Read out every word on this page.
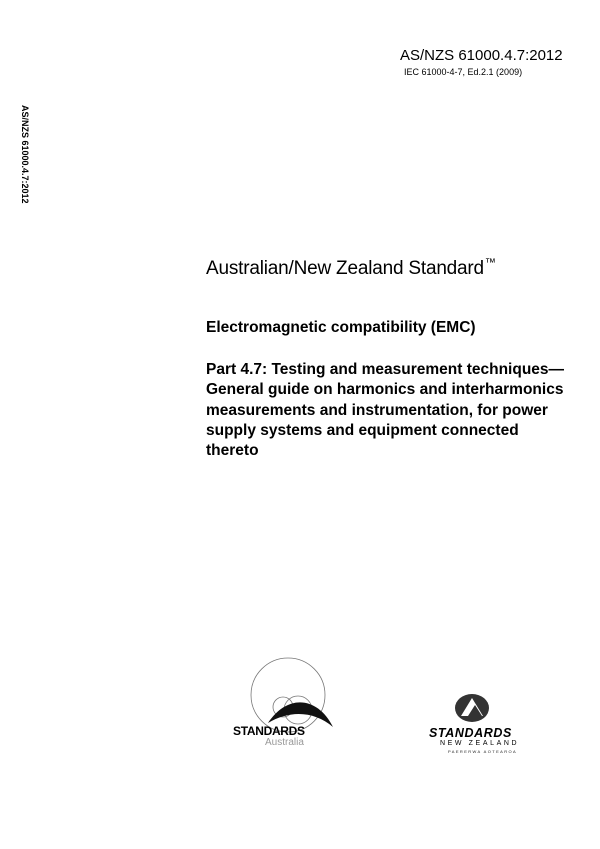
AS/NZS 61000.4.7:2012
IEC 61000-4-7, Ed.2.1 (2009)
AS/NZS 61000.4.7:2012
Australian/New Zealand Standard™
Electromagnetic compatibility (EMC)
Part 4.7: Testing and measurement techniques—General guide on harmonics and interharmonics measurements and instrumentation, for power supply systems and equipment connected thereto
STANDARDS
Australia
STANDARDS
NEW ZEALAND
PAERERWA AOTEAROA
